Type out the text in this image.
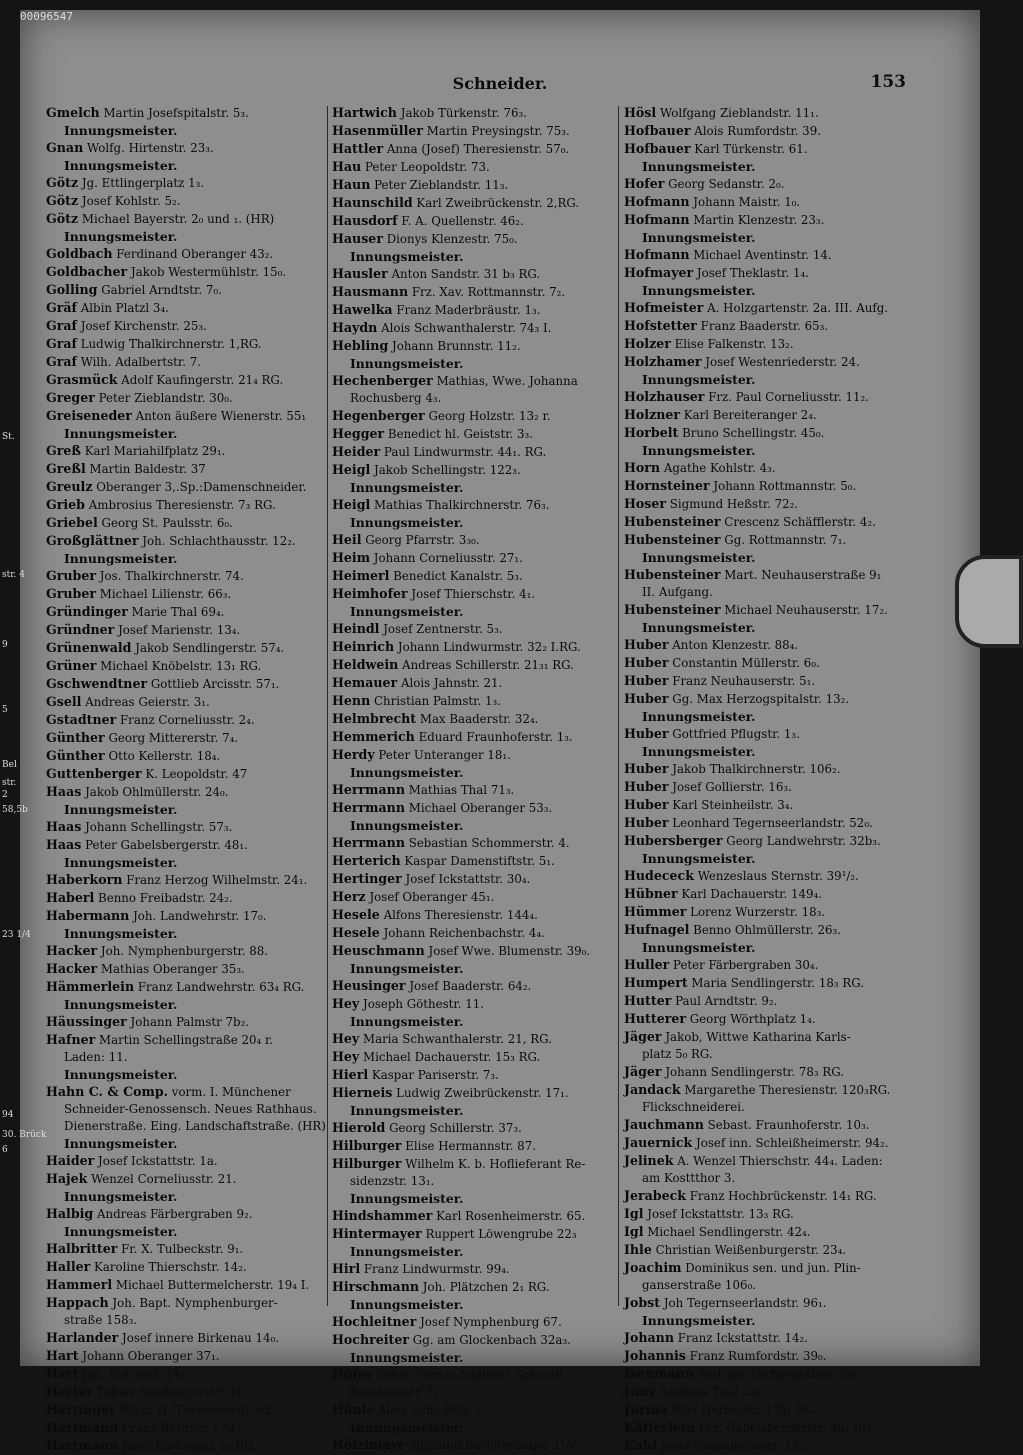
00096547
Schneider.	153
Gmelch Martin Josefspitalstr. 5₃.
Innungsmeister.
Gnan Wolfg. Hirtenstr. 23₃.
Innungsmeister.
Götz Jg. Ettlingerplatz 1₃.
Götz Josef Kohlstr. 5₂.
Götz Michael Bayerstr. 2₀ und ₁. (HR)
Innungsmeister.
Goldbach Ferdinand Oberanger 43₂.
Goldbacher Jakob Westermühlstr. 15₀.
Golling Gabriel Arndtstr. 7₀.
Gräf Albin Platzl 3₄.
Graf Josef Kirchenstr. 25₃.
Graf Ludwig Thalkirchnerstr. 1,RG.
Graf Wilh. Adalbertstr. 7.
Grasmück Adolf Kaufingerstr. 21₄ RG.
Greger Peter Zieblandstr. 30₀.
Greiseneder Anton äußere Wienerstr. 55₁
Innungsmeister.
Greß Karl Mariahilfplatz 29₁.
Greßl Martin Baldestr. 37
Greulz Oberanger 3,.Sp.:Damenschneider.
Grieb Ambrosius Theresienstr. 7₃ RG.
Griebel Georg St. Paulsstr. 6₀.
Großglättner Joh. Schlachthausstr. 12₂.
Innungsmeister.
Gruber Jos. Thalkirchnerstr. 74.
Gruber Michael Lilienstr. 66₃.
Gründinger Marie Thal 69₄.
Gründner Josef Marienstr. 13₄.
Grünenwald Jakob Sendlingerstr. 57₄.
Grüner Michael Knöbelstr. 13₁ RG.
Gschwendtner Gottlieb Arcisstr. 57₁.
Gsell Andreas Geierstr. 3₁.
Gstadtner Franz Corneliusstr. 2₄.
Günther Georg Mittererstr. 7₄.
Günther Otto Kellerstr. 18₄.
Guttenberger K. Leopoldstr. 47
Haas Jakob Ohlmüllerstr. 24₀.
Innungsmeister.
Haas Johann Schellingstr. 57₃.
Haas Peter Gabelsbergerstr. 48₁.
Innungsmeister.
Haberkorn Franz Herzog Wilhelmstr. 24₁.
Haberl Benno Freibadstr. 24₂.
Habermann Joh. Landwehrstr. 17₀.
Innungsmeister.
Hacker Joh. Nymphenburgerstr. 88.
Hacker Mathias Oberanger 35₃.
Hämmerlein Franz Landwehrstr. 63₄ RG.
Innungsmeister.
Häussinger Johann Palmstr 7b₂.
Hafner Martin Schellingstraße 20₄ r.
Laden: 11.
Innungsmeister.
Hahn C. & Comp. vorm. I. Münchener
Schneider-Genossensch. Neues Rathhaus.
Dienerstraße. Eing. Landschaftstraße. (HR)
Innungsmeister.
Haider Josef Ickstattstr. 1a.
Hajek Wenzel Corneliusstr. 21.
Innungsmeister.
Halbig Andreas Färbergraben 9₂.
Innungsmeister.
Halbritter Fr. X. Tulbeckstr. 9₁.
Haller Karoline Thierschstr. 14₂.
Hammerl Michael Buttermelcherstr. 19₄ I.
Happach Joh. Bapt. Nymphenburger-
straße 158₃.
Harlander Josef innere Birkenau 14₀.
Hart Johann Oberanger 37₁.
Hart Joh. Sternstr. 24₂.
Harter Tobias Sendlingerstr. 31₁.
Hartinger Mich. H. Theresienstr. 62₃.
Hartmann Franz Bergstr. 17d ₀.
Hartmann Josef Karlsplatz 5₁ RG.
Hartwich Jakob Türkenstr. 76₃.
Hasenmüller Martin Preysingstr. 75₃.
Hattler Anna (Josef) Theresienstr. 57₀.
Hau Peter Leopoldstr. 73.
Haun Peter Zieblandstr. 11₃.
Haunschild Karl Zweibrückenstr. 2,RG.
Hausdorf F. A. Quellenstr. 46₂.
Hauser Dionys Klenzestr. 75₀.
Innungsmeister.
Hausler Anton Sandstr. 31 b₃ RG.
Hausmann Frz. Xav. Rottmannstr. 7₂.
Hawelka Franz Maderbräustr. 1₃.
Haydn Alois Schwanthalerstr. 74₃ I.
Hebling Johann Brunnstr. 11₂.
Innungsmeister.
Hechenberger Mathias, Wwe. Johanna
Rochusberg 4₃.
Hegenberger Georg Holzstr. 13₂ r.
Hegger Benedict hl. Geiststr. 3₃.
Heider Paul Lindwurmstr. 44₁. RG.
Heigl Jakob Schellingstr. 122₃.
Innungsmeister.
Heigl Mathias Thalkirchnerstr. 76₃.
Innungsmeister.
Heil Georg Pfarrstr. 3₃₀.
Heim Johann Corneliusstr. 27₁.
Heimerl Benedict Kanalstr. 5₃.
Heimhofer Josef Thierschstr. 4₁.
Innungsmeister.
Heindl Josef Zentnerstr. 5₃.
Heinrich Johann Lindwurmstr. 32₂ I.RG.
Heldwein Andreas Schillerstr. 21₃₁ RG.
Hemauer Alois Jahnstr. 21.
Henn Christian Palmstr. 1₃.
Helmbrecht Max Baaderstr. 32₄.
Hemmerich Eduard Fraunhoferstr. 1₃.
Herdy Peter Unteranger 18₁.
Innungsmeister.
Herrmann Mathias Thal 71₃.
Herrmann Michael Oberanger 53₃.
Innungsmeister.
Herrmann Sebastian Schommerstr. 4.
Herterich Kaspar Damenstiftstr. 5₁.
Hertinger Josef Ickstattstr. 30₄.
Herz Josef Oberanger 45₁.
Hesele Alfons Theresienstr. 144₄.
Hesele Johann Reichenbachstr. 4₄.
Heuschmann Josef Wwe. Blumenstr. 39₀.
Innungsmeister.
Heusinger Josef Baaderstr. 64₂.
Hey Joseph Göthestr. 11.
Innungsmeister.
Hey Maria Schwanthalerstr. 21, RG.
Hey Michael Dachauerstr. 15₃ RG.
Hierl Kaspar Pariserstr. 7₃.
Hierneis Ludwig Zweibrückenstr. 17₁.
Innungsmeister.
Hierold Georg Schillerstr. 37₃.
Hilburger Elise Hermannstr. 87.
Hilburger Wilhelm K. b. Hoflieferant Re-
sidenzstr. 13₁.
Innungsmeister.
Hindshammer Karl Rosenheimerstr. 65.
Hintermayer Ruppert Löwengrube 22₃
Innungsmeister.
Hirl Franz Lindwurmstr. 99₄.
Hirschmann Joh. Plätzchen 2₁ RG.
Innungsmeister.
Hochleitner Josef Nymphenburg 67.
Hochreiter Gg. am Glockenbach 32a₃.
Innungsmeister.
Höfer Oskar Firma: Adalbert Schmidt
Residenzstr. 7₁.
Hönle Alois Schloßstr. 2.
Innungsmeister.
Hölzlmayr Sigmund Bereiteranger 1¹/₂.
Hösl Wolfgang Zieblandstr. 11₁.
Hofbauer Alois Rumfordstr. 39.
Hofbauer Karl Türkenstr. 61.
Innungsmeister.
Hofer Georg Sedanstr. 2₀.
Hofmann Johann Maistr. 1₀.
Hofmann Martin Klenzestr. 23₃.
Innungsmeister.
Hofmann Michael Aventinstr. 14.
Hofmayer Josef Theklastr. 1₄.
Innungsmeister.
Hofmeister A. Holzgartenstr. 2a. III. Aufg.
Hofstetter Franz Baaderstr. 65₃.
Holzer Elise Falkenstr. 13₂.
Holzhamer Josef Westenriederstr. 24.
Innungsmeister.
Holzhauser Frz. Paul Corneliusstr. 11₂.
Holzner Karl Bereiteranger 2₄.
Horbelt Bruno Schellingstr. 45₀.
Innungsmeister.
Horn Agathe Kohlstr. 4₃.
Hornsteiner Johann Rottmannstr. 5₀.
Hoser Sigmund Heßstr. 72₂.
Hubensteiner Crescenz Schäfflerstr. 4₂.
Hubensteiner Gg. Rottmannstr. 7₁.
Innungsmeister.
Hubensteiner Mart. Neuhauserstraße 9₁
II. Aufgang.
Hubensteiner Michael Neuhauserstr. 17₂.
Innungsmeister.
Huber Anton Klenzestr. 88₄.
Huber Constantin Müllerstr. 6₀.
Huber Franz Neuhauserstr. 5₁.
Huber Gg. Max Herzogspitalstr. 13₂.
Innungsmeister.
Huber Gottfried Pflugstr. 1₃.
Innungsmeister.
Huber Jakob Thalkirchnerstr. 106₂.
Huber Josef Gollierstr. 16₃.
Huber Karl Steinheilstr. 3₄.
Huber Leonhard Tegernseerlandstr. 52₀.
Hubersberger Georg Landwehrstr. 32b₃.
Innungsmeister.
Hudececk Wenzeslaus Sternstr. 39¹/₂.
Hübner Karl Dachauerstr. 149₄.
Hümmer Lorenz Wurzerstr. 18₃.
Hufnagel Benno Ohlmüllerstr. 26₃.
Innungsmeister.
Huller Peter Färbergraben 30₄.
Humpert Maria Sendlingerstr. 18₃ RG.
Hutter Paul Arndtstr. 9₂.
Hutterer Georg Wörthplatz 1₄.
Jäger Jakob, Wittwe Katharina Karls-
platz 5₀ RG.
Jäger Johann Sendlingerstr. 78₃ RG.
Jandack Margarethe Theresienstr. 120₃RG.
Flickschneiderei.
Jauchmann Sebast. Fraunhoferstr. 10₃.
Jauernick Josef inn. Schleißheimerstr. 94₂.
Jelinek A. Wenzel Thierschstr. 44₄. Laden:
am Kosttthor 3.
Jerabeck Franz Hochbrückenstr. 14₁ RG.
Igl Josef Ickstattstr. 13₃ RG.
Igl Michael Sendlingerstr. 42₄.
Ihle Christian Weißenburgerstr. 23₄.
Joachim Dominikus sen. und jun. Plin-
ganserstraße 106₀.
Jobst Joh Tegernseerlandstr. 96₁.
Innungsmeister.
Johann Franz Ickstattstr. 14₂.
Johannis Franz Rumfordstr. 39₀.
Isenmann Andreas Färbergraben 35₃.
Juny Andreas Thal 23₂.
Jurina Max Herbststr. 17a₁ RG.
Käfferlein Frz. Gabelsbergerstr. 46₁ RG.
Kahl Josef Fraunhoferstr. 15₂.
St.
str. 4
9
5
Bel
str.
2
58,5b
23 1/4
94
30. Brück
6
